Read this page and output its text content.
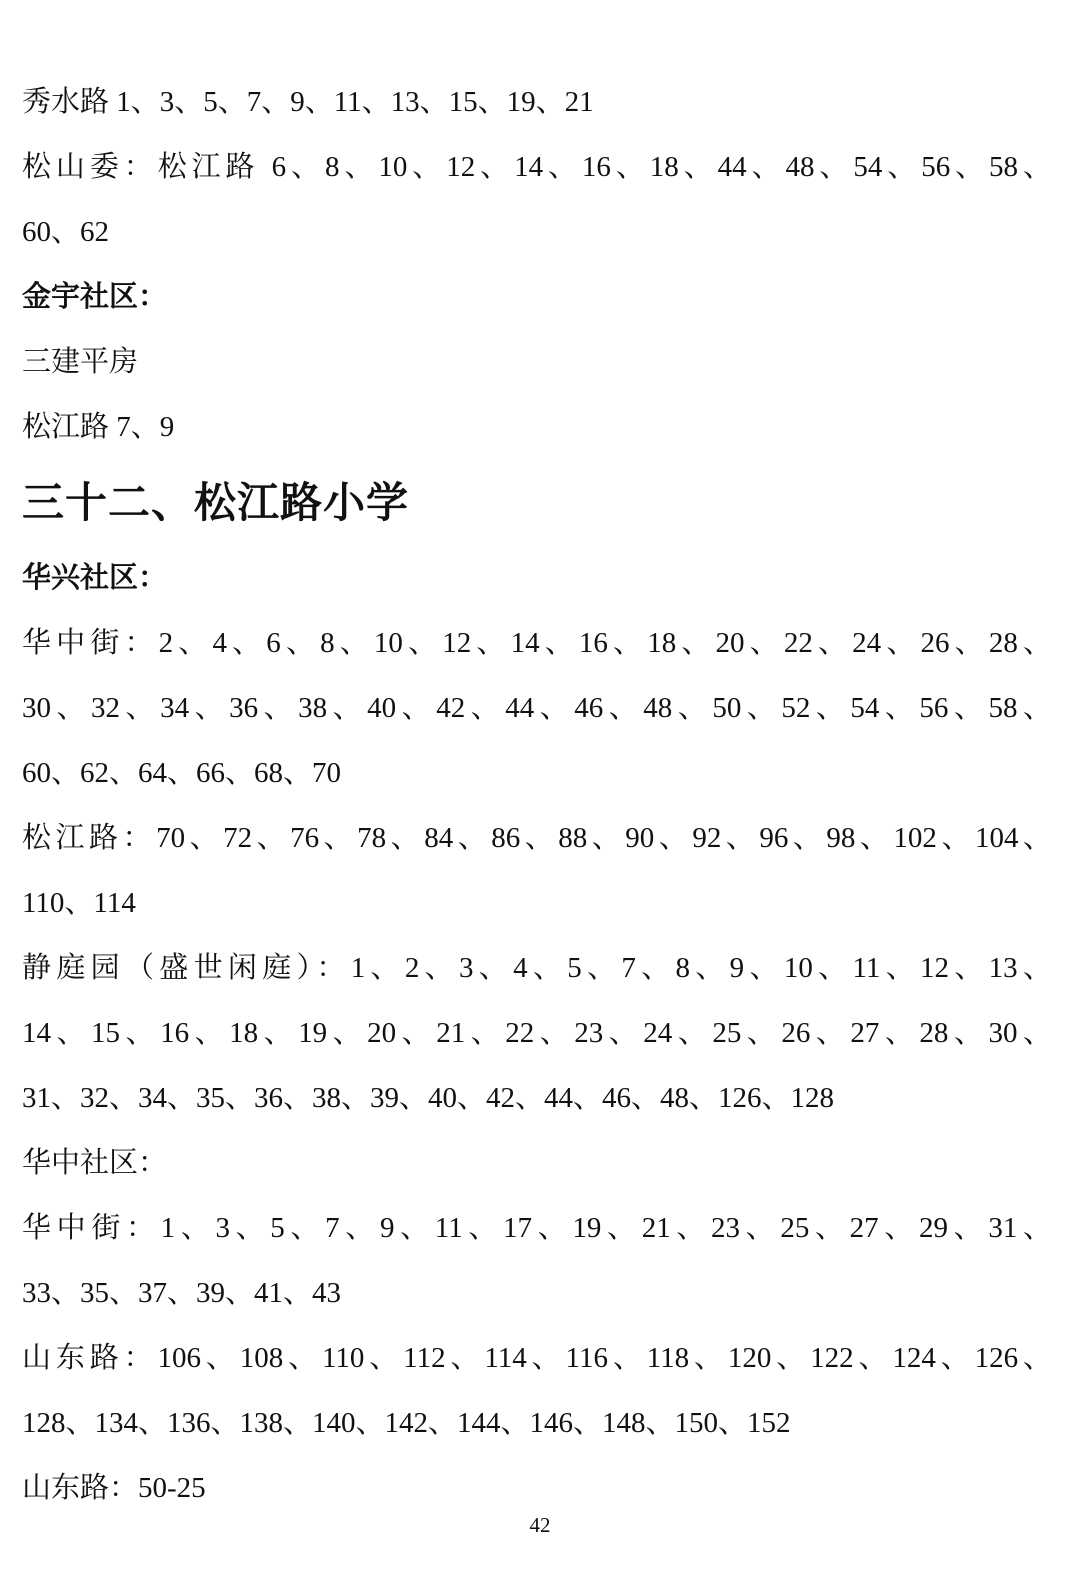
秀水路 1、3、5、7、9、11、13、15、19、21
松山委：松江路 6、8、10、12、14、16、18、44、48、54、56、58、
60、62
金宇社区：
三建平房
松江路 7、9
三十二、松江路小学
华兴社区：
华中街：2、4、6、8、10、12、14、16、18、20、22、24、26、28、
30、32、34、36、38、40、42、44、46、48、50、52、54、56、58、
60、62、64、66、68、70
松江路：70、72、76、78、84、86、88、90、92、96、98、102、104、
110、114
静庭园（盛世闲庭）：1、2、3、4、5、7、8、9、10、11、12、13、
14、15、16、18、19、20、21、22、23、24、25、26、27、28、30、
31、32、34、35、36、38、39、40、42、44、46、48、126、128
华中社区：
华中街：1、3、5、7、9、11、17、19、21、23、25、27、29、31、
33、35、37、39、41、43
山东路：106、108、110、112、114、116、118、120、122、124、126、
128、134、136、138、140、142、144、146、148、150、152
山东路：50-25
42
